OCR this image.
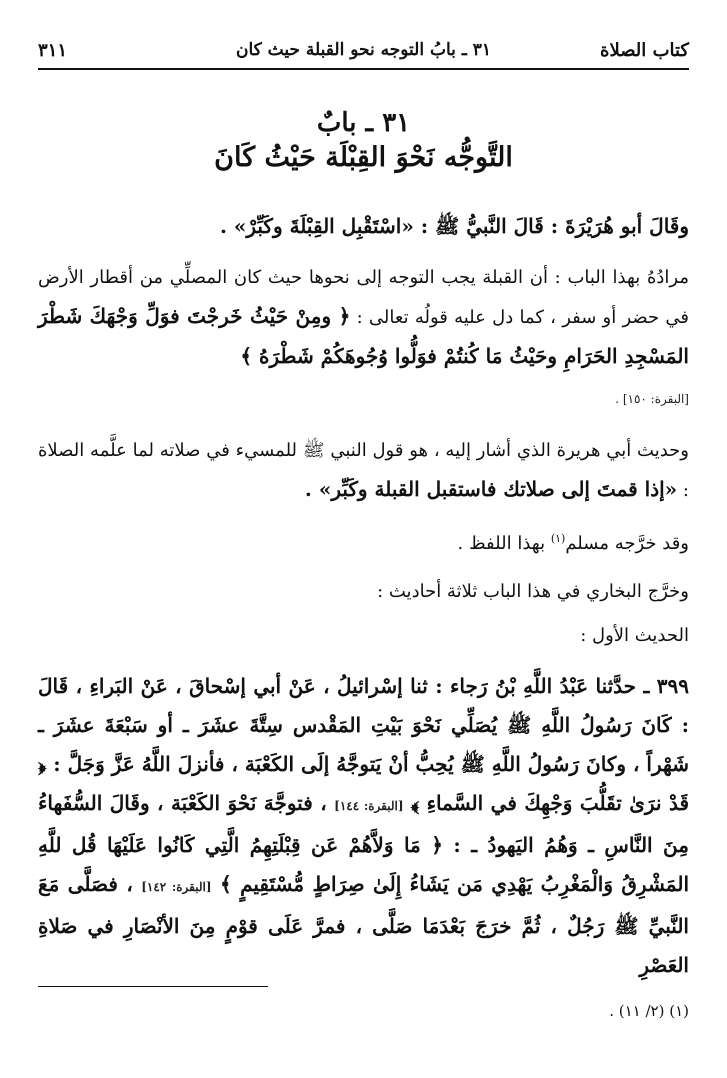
كتاب الصلاة
٣١ ـ بابُ التوجه نحو القبلة حيث كان
٣١١
٣١ ـ بابٌ
التَّوجُّه نَحْوَ القِبْلَة حَيْثُ كَانَ

وقَالَ أبو هُرَيْرَةَ : قَالَ النَّبيُّ ﷺ : «اسْتَقْبِل القِبْلَةَ وكَبِّرْ» .

مرادُهُ بهذا الباب : أن القبلة يجب التوجه إلى نحوها حيث كان المصلِّي من أقطار الأرض في حضر أو سفر ، كما دل عليه قولُه تعالى : ﴿ ومِنْ حَيْثُ خَرجْتَ فوَلِّ وَجْهَكَ شَطْرَ المَسْجِدِ الحَرَامِ وحَيْثُ مَا كُنتُمْ فوَلُّوا وُجُوهَكُمْ شَطْرَهُ ﴾

[البقرة: ١٥٠] .

وحديث أبي هريرة الذي أشار إليه ، هو قول النبي ﷺ للمسيء في صلاته لما علَّمه الصلاة : «إذا قمتَ إلى صلاتك فاستقبل القبلة وكَبِّر» .

وقد خرَّجه مسلم$^{(١)}$ بهذا اللفظ .

وخرَّج البخاري في هذا الباب ثلاثة أحاديث :

الحديث الأول :

٣٩٩ ـ حدَّثنا عَبْدُ اللَّهِ بْنُ رَجاء : ثنا إسْرائيلُ ، عَنْ أبي إسْحاقَ ، عَنْ البَراءِ ، قَالَ : كَانَ رَسُولُ اللَّهِ ﷺ يُصَلِّي نَحْوَ بَيْتِ المَقْدس سِتَّةَ عشَرَ ـ أو سَبْعَةَ عشَرَ ـ شَهْراً ، وكانَ رَسُولُ اللَّهِ ﷺ يُحِبُّ أنْ يَتوجَّهُ إلَى الكَعْبَة ، فأنزلَ اللَّهُ عَزَّ وَجَلَّ : ﴿ قَدْ نرَىٰ تقَلُّبَ وَجْهِكَ في السَّماءِ ﴾ [البقرة: ١٤٤] ، فتوجَّهَ نَحْوَ الكَعْبَة ، وقَالَ السُّفَهاءُ مِنَ النَّاسِ ـ وَهُمُ اليَهودُ ـ : ﴿ مَا وَلاَّهُمْ عَن قِبْلَتِهِمُ الَّتِي كَانُوا عَلَيْهَا قُل للَّهِ المَشْرِقُ وَالْمَغْرِبُ يَهْدِي مَن يَشَاءُ إِلَىٰ صِرَاطٍ مُّسْتَقِيمٍ ﴾ [البقرة: ١٤٢] ، فصَلَّى مَعَ النَّبيِّ ﷺ رَجُلٌ ، ثُمَّ خرَجَ بَعْدَمَا صَلَّى ، فمرَّ عَلَى قوْمٍ مِنَ الأنْصَارِ في صَلاةِ العَصْرِ

(١) (٢/ ١١) .
